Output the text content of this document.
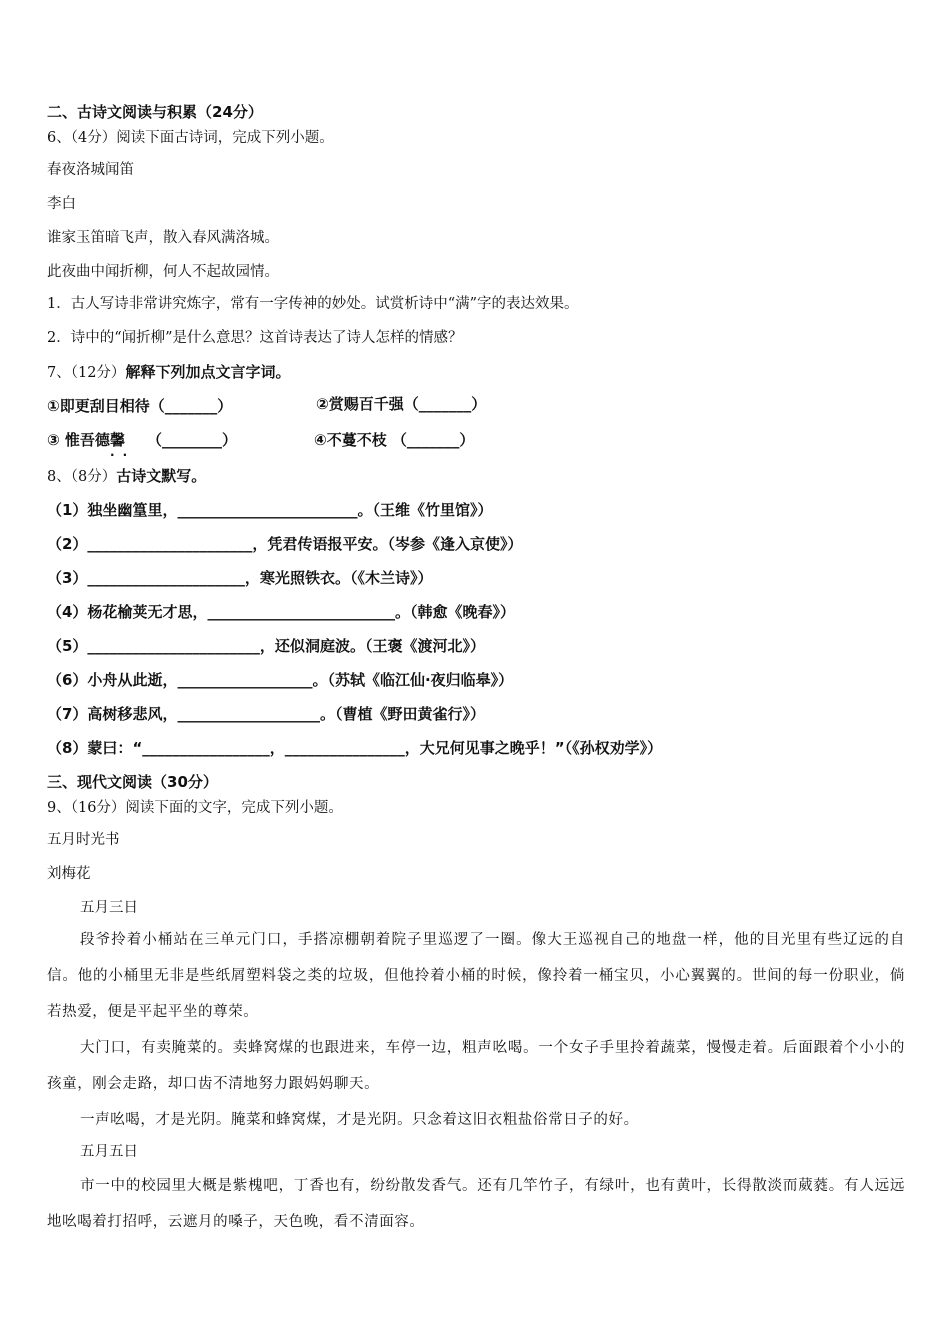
二、古诗文阅读与积累（24分）
6、（4分）阅读下面古诗词，完成下列小题。
春夜洛城闻笛
李白
谁家玉笛暗飞声，散入春风满洛城。
此夜曲中闻折柳，何人不起故园情。
1．古人写诗非常讲究炼字，常有一字传神的妙处。试赏析诗中“满”字的表达效果。
2．诗中的“闻折柳”是什么意思？这首诗表达了诗人怎样的情感？
7、（12分）解释下列加点文言字词。
①即更刮目相待（_______）	②赏赐百千强（_______）
③ 惟吾德馨 · · （________）	④不蔓不枝 （_______）
8、（8分）古诗文默写。
（1）独坐幽篁里，________________________。（王维《竹里馆》）
（2）______________________，凭君传语报平安。（岑参《逢入京使》）
（3）_____________________，寒光照铁衣。（《木兰诗》）
（4）杨花榆荚无才思，_________________________。（韩愈《晚春》）
（5）_______________________，还似洞庭波。（王褒《渡河北》）
（6）小舟从此逝，__________________。（苏轼《临江仙·夜归临皋》）
（7）高树移悲风，___________________。（曹植《野田黄雀行》）
（8）蒙曰：“_________________，________________，大兄何见事之晚乎！”（《孙权劝学》）
三、现代文阅读（30分）
9、（16分）阅读下面的文字，完成下列小题。
五月时光书
刘梅花
五月三日
段爷拎着小桶站在三单元门口，手搭凉棚朝着院子里巡逻了一圈。像大王巡视自己的地盘一样，他的目光里有些辽远的自信。他的小桶里无非是些纸屑塑料袋之类的垃圾，但他拎着小桶的时候，像拎着一桶宝贝，小心翼翼的。世间的每一份职业，倘若热爱，便是平起平坐的尊荣。
大门口，有卖腌菜的。卖蜂窝煤的也跟进来，车停一边，粗声吆喝。一个女子手里拎着蔬菜，慢慢走着。后面跟着个小小的孩童，刚会走路，却口齿不清地努力跟妈妈聊天。
一声吆喝，才是光阴。腌菜和蜂窝煤，才是光阴。只念着这旧衣粗盐俗常日子的好。
五月五日
市一中的校园里大概是紫槐吧，丁香也有，纷纷散发香气。还有几竿竹子，有绿叶，也有黄叶，长得散淡而葳蕤。有人远远地吆喝着打招呼，云遮月的嗓子，天色晚，看不清面容。
